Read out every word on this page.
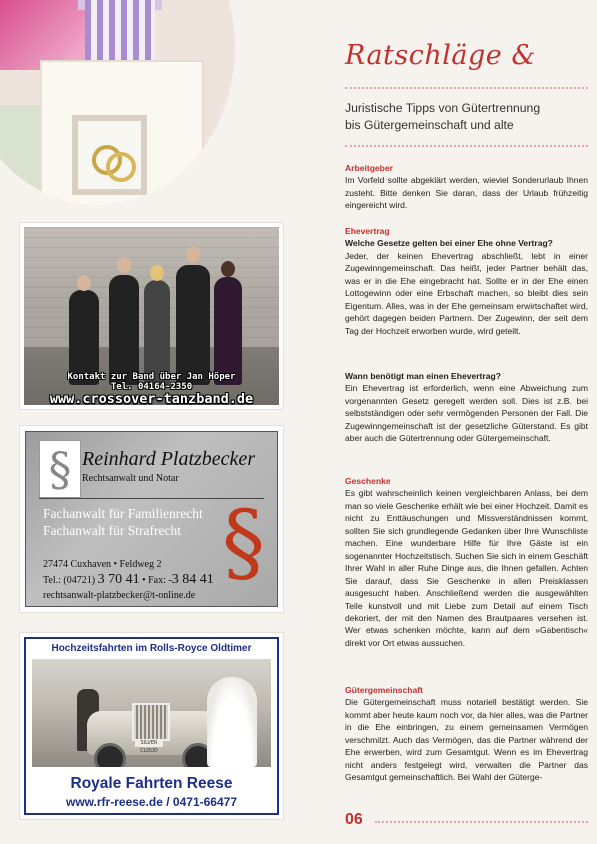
Kontakt zur Band über Jan Höper
Tel. 04164-2350
www.crossover-tanzband.de
§ Reinhard Platzbecker
Rechtsanwalt und Notar
Fachanwalt für Familienrecht
Fachanwalt für Strafrecht §
27474 Cuxhaven • Feldweg 2
Tel.: (04721) 3 70 41 • Fax: -3 84 41
rechtsanwalt-platzbecker@t-online.de
Hochzeitsfahrten im Rolls-Royce Oldtimer
SILVER CLOUD
Royale Fahrten Reese
www.rfr-reese.de / 0471-66477
Ratschläge &
Juristische Tipps von Gütertrennung
bis Gütergemeinschaft und alte

Arbeitgeber

Im Vorfeld sollte abgeklärt werden, wieviel Sonderurlaub Ihnen zusteht. Bitte denken Sie daran, dass der Urlaub frühzeitig eingereicht wird.

Ehevertrag

Welche Gesetze gelten bei einer Ehe ohne Vertrag?

Jeder, der keinen Ehevertrag abschließt, lebt in einer Zugewinngemeinschaft. Das heißt, jeder Partner behält das, was er in die Ehe eingebracht hat. Sollte er in der Ehe einen Lottogewinn oder eine Erbschaft machen, so bleibt dies sein Eigentum. Alles, was in der Ehe gemeinsam erwirtschaftet wird, gehört dagegen beiden Partnern. Der Zugewinn, der seit dem Tag der Hochzeit erworben wurde, wird geteilt.

Wann benötigt man einen Ehevertrag?

Ein Ehevertrag ist erforderlich, wenn eine Abweichung zum vorgenannten Gesetz geregelt werden soll. Dies ist z.B. bei selbstständigen oder sehr vermögenden Personen der Fall. Die Zugewinngemeinschaft ist der gesetzliche Güterstand. Es gibt aber auch die Gütertrennung oder Gütergemeinschaft.

Geschenke

Es gibt wahrscheinlich keinen vergleichbaren Anlass, bei dem man so viele Geschenke erhält wie bei einer Hochzeit. Damit es nicht zu Enttäuschungen und Missverständnissen kommt, sollten Sie sich grundlegende Gedanken über Ihre Wunschliste machen. Eine wunderbare Hilfe für Ihre Gäste ist ein sogenannter Hochzeitstisch. Suchen Sie sich in einem Geschäft Ihrer Wahl in aller Ruhe Dinge aus, die Ihnen gefallen. Achten Sie darauf, dass Sie Geschenke in allen Preisklassen ausgesucht haben. Anschließend werden die ausgewählten Teile kunstvoll und mit Liebe zum Detail auf einem Tisch dekoriert, der mit den Namen des Brautpaares versehen ist. Wer etwas schenken möchte, kann auf dem »Gabentisch« direkt vor Ort etwas aussuchen.

Gütergemeinschaft

Die Gütergemeinschaft muss notariell bestätigt werden. Sie kommt aber heute kaum noch vor, da hier alles, was die Partner in die Ehe einbringen, zu einem gemeinsamen Vermögen verschmilzt. Auch das Vermögen, das die Partner während der Ehe erwerben, wird zum Gesamtgut. Wenn es im Ehevertrag nicht anders festgelegt wird, verwalten die Partner das Gesamtgut gemeinschaftlich. Bei Wahl der Güterge-

06
